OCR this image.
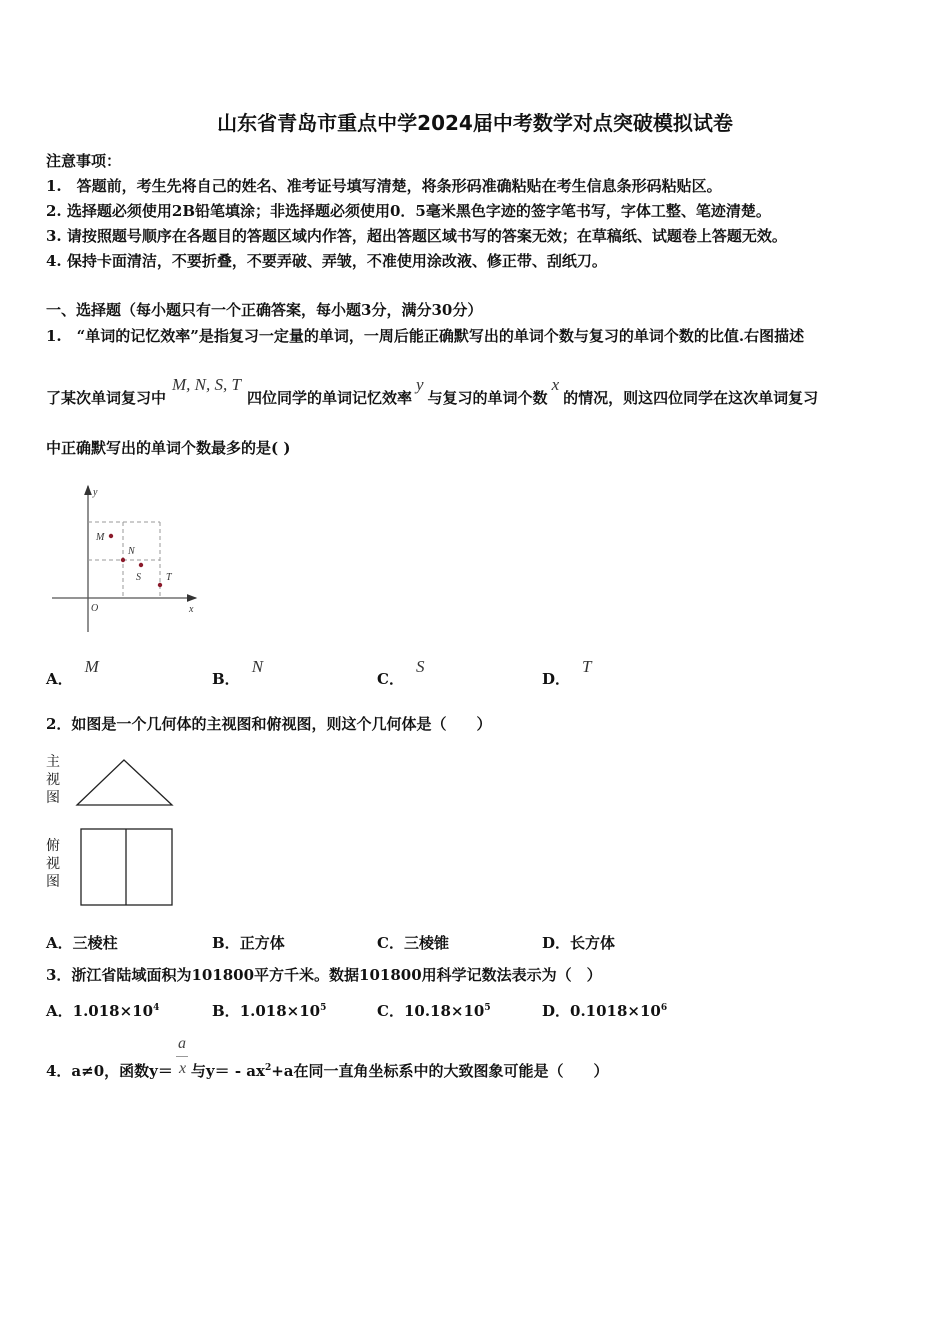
山东省青岛市重点中学2024届中考数学对点突破模拟试卷
注意事项：
1.　答题前，考生先将自己的姓名、准考证号填写清楚，将条形码准确粘贴在考生信息条形码粘贴区。
2. 选择题必须使用2B铅笔填涂；非选择题必须使用0．5毫米黑色字迹的签字笔书写，字体工整、笔迹清楚。
3. 请按照题号顺序在各题目的答题区域内作答，超出答题区域书写的答案无效；在草稿纸、试题卷上答题无效。
4. 保持卡面清洁，不要折叠，不要弄破、弄皱，不准使用涂改液、修正带、刮纸刀。
一、选择题（每小题只有一个正确答案，每小题3分，满分30分）
1.　“单词的记忆效率”是指复习一定量的单词，一周后能正确默写出的单词个数与复习的单词个数的比值.右图描述
了某次单词复习中M, N, S, T四位同学的单词记忆效率y与复习的单词个数x的情况，则这四位同学在这次单词复习
中正确默写出的单词个数最多的是( )
y
x
O
M
N
S	T
A．M
B．N
C．S
D．T
2．如图是一个几何体的主视图和俯视图，则这个几何体是（　　）
主视图
俯视图
A．三棱柱	B．正方体	C．三棱锥	D．长方体
3．浙江省陆域面积为101800平方千米。数据101800用科学记数法表示为（　）
A．$1.018\times 10^4$	B．$1.018\times 10^5$	C．$10.18\times 10^5$	D．$0.1018\times 10^6$
4．a≠0，函数y＝ 与$y= - ax^2+a$在同一直角坐标系中的大致图象可能是（　　）
a
x
